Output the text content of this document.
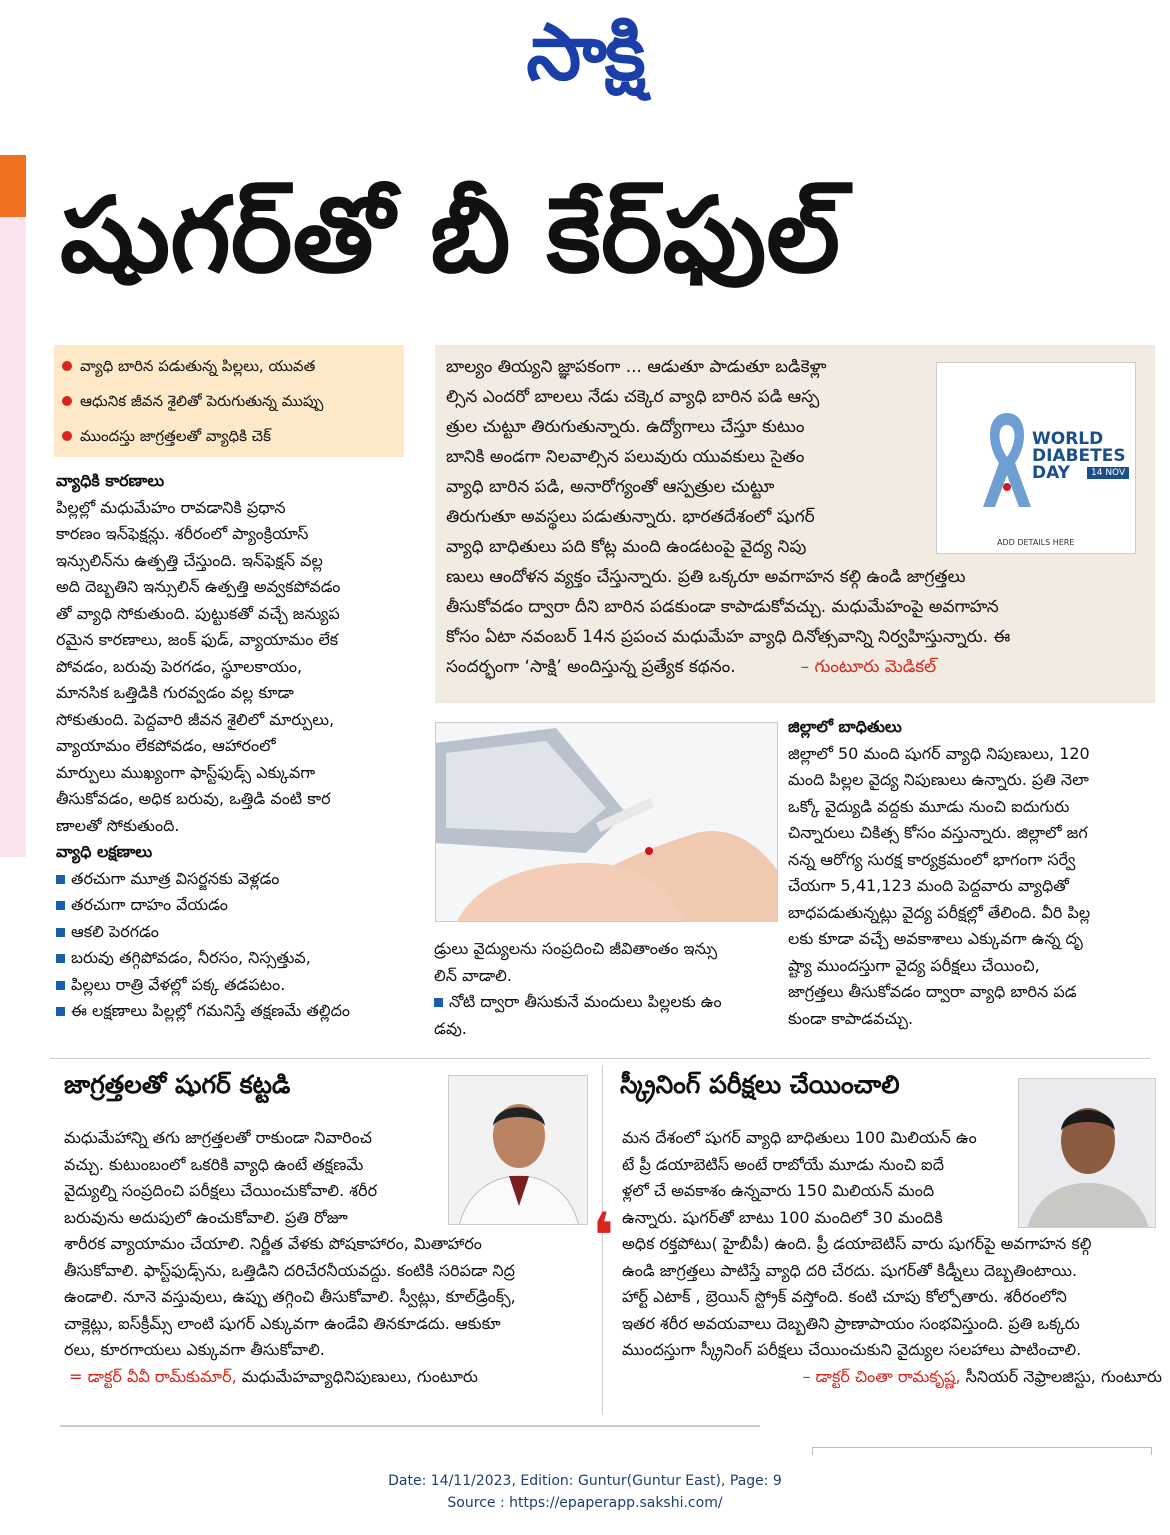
సాక్షి
షుగర్‌తో బీ కేర్‌ఫుల్
వ్యాధి బారిన పడుతున్న పిల్లలు, యువత
ఆధునిక జీవన శైలితో పెరుగుతున్న ముప్పు
ముందస్తు జాగ్రత్తలతో వ్యాధికి చెక్

బాల్యం తియ్యని జ్ఞాపకంగా ... ఆడుతూ పాడుతూ బడికెళ్లా

ల్సిన ఎందరో బాలలు నేడు చక్కెర వ్యాధి బారిన పడి ఆస్ప

త్రుల చుట్టూ తిరుగుతున్నారు. ఉద్యోగాలు చేస్తూ కుటుం

బానికి అండగా నిలవాల్సిన పలువురు యువకులు సైతం

వ్యాధి బారిన పడి, అనారోగ్యంతో ఆస్పత్రుల చుట్టూ

తిరుగుతూ అవస్థలు పడుతున్నారు. భారతదేశంలో షుగర్

వ్యాధి బాధితులు పది కోట్ల మంది ఉండటంపై వైద్య నిపు

ణులు ఆందోళన వ్యక్తం చేస్తున్నారు. ప్రతి ఒక్కరూ అవగాహన కల్గి ఉండి జాగ్రత్తలు

తీసుకోవడం ద్వారా దీని బారిన పడకుండా కాపాడుకోవచ్చు. మధుమేహంపై అవగాహన

కోసం ఏటా నవంబర్‌ 14న ప్రపంచ మధుమేహ వ్యాధి దినోత్సవాన్ని నిర్వహిస్తున్నారు. ఈ

సందర్భంగా ‘సాక్షి’ అందిస్తున్న ప్రత్యేక కథనం.	– గుంటూరు మెడికల్‌

WORLD
DIABETES
DAY	14 NOV
ADD DETAILS HERE

వ్యాధికి కారణాలు

పిల్లల్లో మధుమేహం రావడానికి ప్రధాన

కారణం ఇన్‌ఫెక్షన్లు. శరీరంలో ప్యాంక్రియాస్‌

ఇన్సులిన్‌ను ఉత్పత్తి చేస్తుంది. ఇన్‌ఫెక్షన్‌ వల్ల

అది దెబ్బతిని ఇన్సులిన్‌ ఉత్పత్తి అవ్వకపోవడం

తో వ్యాధి సోకుతుంది. పుట్టుకతో వచ్చే జన్యుప

రమైన కారణాలు, జంక్‌ ఫుడ్, వ్యాయామం లేక

పోవడం, బరువు పెరగడం, స్థూలకాయం,

మానసిక ఒత్తిడికి గురవ్వడం వల్ల కూడా

సోకుతుంది. పెద్దవారి జీవన శైలిలో మార్పులు,

వ్యాయామం లేకపోవడం, ఆహారంలో

మార్పులు ముఖ్యంగా ఫాస్ట్‌ఫుడ్స్‌ ఎక్కువగా

తీసుకోవడం, అధిక బరువు, ఒత్తిడి వంటి కార

ణాలతో సోకుతుంది.

వ్యాధి లక్షణాలు

తరచుగా మూత్ర విసర్జనకు వెళ్లడం

తరచుగా దాహం వేయడం

ఆకలి పెరగడం

బరువు తగ్గిపోవడం, నీరసం, నిస్సత్తువ,

పిల్లలు రాత్రి వేళల్లో పక్క తడపటం.

ఈ లక్షణాలు పిల్లల్లో గమనిస్తే తక్షణమే తల్లిదం

డ్రులు వైద్యులను సంప్రదించి జీవితాంతం ఇన్సు

లిన్‌ వాడాలి.

నోటి ద్వారా తీసుకునే మందులు పిల్లలకు ఉం

డవు.

జిల్లాలో బాధితులు

జిల్లాలో 50 మంది షుగర్‌ వ్యాధి నిపుణులు, 120

మంది పిల్లల వైద్య నిపుణులు ఉన్నారు. ప్రతి నెలా

ఒక్కో వైద్యుడి వద్దకు మూడు నుంచి ఐదుగురు

చిన్నారులు చికిత్స కోసం వస్తున్నారు. జిల్లాలో జగ

నన్న ఆరోగ్య సురక్ష కార్యక్రమంలో భాగంగా సర్వే

చేయగా 5,41,123 మంది పెద్దవారు వ్యాధితో

బాధపడుతున్నట్లు వైద్య పరీక్షల్లో తేలింది. వీరి పిల్ల

లకు కూడా వచ్చే అవకాశాలు ఎక్కువగా ఉన్న దృ

ష్ట్యా ముందస్తుగా వైద్య పరీక్షలు చేయించి,

జాగ్రత్తలు తీసుకోవడం ద్వారా వ్యాధి బారిన పడ

కుండా కాపాడవచ్చు.

జాగ్రత్తలతో షుగర్‌ కట్టడి

మధుమేహాన్ని తగు జాగ్రత్తలతో రాకుండా నివారించ

వచ్చు. కుటుంబంలో ఒకరికి వ్యాధి ఉంటే తక్షణమే

వైద్యుల్ని సంప్రదించి పరీక్షలు చేయించుకోవాలి. శరీర

బరువును అదుపులో ఉంచుకోవాలి. ప్రతి రోజూ

శారీరక వ్యాయామం చేయాలి. నిర్ణీత వేళకు పోషకాహారం, మితాహారం

తీసుకోవాలి. ఫాస్ట్‌ఫుడ్స్‌ను, ఒత్తిడిని దరిచేరనీయవద్దు. కంటికి సరిపడా నిద్ర

ఉండాలి. నూనె వస్తువులు, ఉప్పు తగ్గించి తీసుకోవాలి. స్వీట్లు, కూల్‌డ్రింక్స్‌,

చాక్లెట్లు, ఐస్‌క్రీమ్స్‌ లాంటి షుగర్‌ ఎక్కువగా ఉండేవి తినకూడదు. ఆకుకూ

రలు, కూరగాయలు ఎక్కువగా తీసుకోవాలి.

= డాక్టర్‌ వీవీ రామ్‌కుమార్‌, మధుమేహవ్యాధినిపుణులు, గుంటూరు

స్క్రీనింగ్‌ పరీక్షలు చేయించాలి
❛

మన దేశంలో షుగర్‌ వ్యాధి బాధితులు 100 మిలియన్‌ ఉం

టే ప్రీ డయాబెటిస్‌ అంటే రాబోయే మూడు నుంచి ఐదే

ళ్లలో చే అవకాశం ఉన్నవారు 150 మిలియన్‌ మంది

ఉన్నారు. షుగర్‌తో బాటు 100 మందిలో 30 మందికి

అధిక రక్తపోటు( హైబీపీ) ఉంది. ప్రీ డయాబెటిస్‌ వారు షుగర్‌పై అవగాహన కల్గి

ఉండి జాగ్రత్తలు పాటిస్తే వ్యాధి దరి చేరదు. షుగర్‌తో కిడ్నీలు దెబ్బతింటాయి.

హార్ట్‌ ఎటాక్‌ , బ్రెయిన్‌ స్ట్రోక్‌ వస్తోంది. కంటి చూపు కోల్పోతారు. శరీరంలోని

ఇతర శరీర అవయవాలు దెబ్బతిని ప్రాణాపాయం సంభవిస్తుంది. ప్రతి ఒక్కరు

ముందస్తుగా స్క్రీనింగ్‌ పరీక్షలు చేయించుకుని వైద్యుల సలహాలు పాటించాలి.

– డాక్టర్‌ చింతా రామకృష్ణ, సీనియర్‌ నెఫ్రాలజిస్టు, గుంటూరు

Date: 14/11/2023, Edition: Guntur(Guntur East), Page: 9
Source : https://epaperapp.sakshi.com/
